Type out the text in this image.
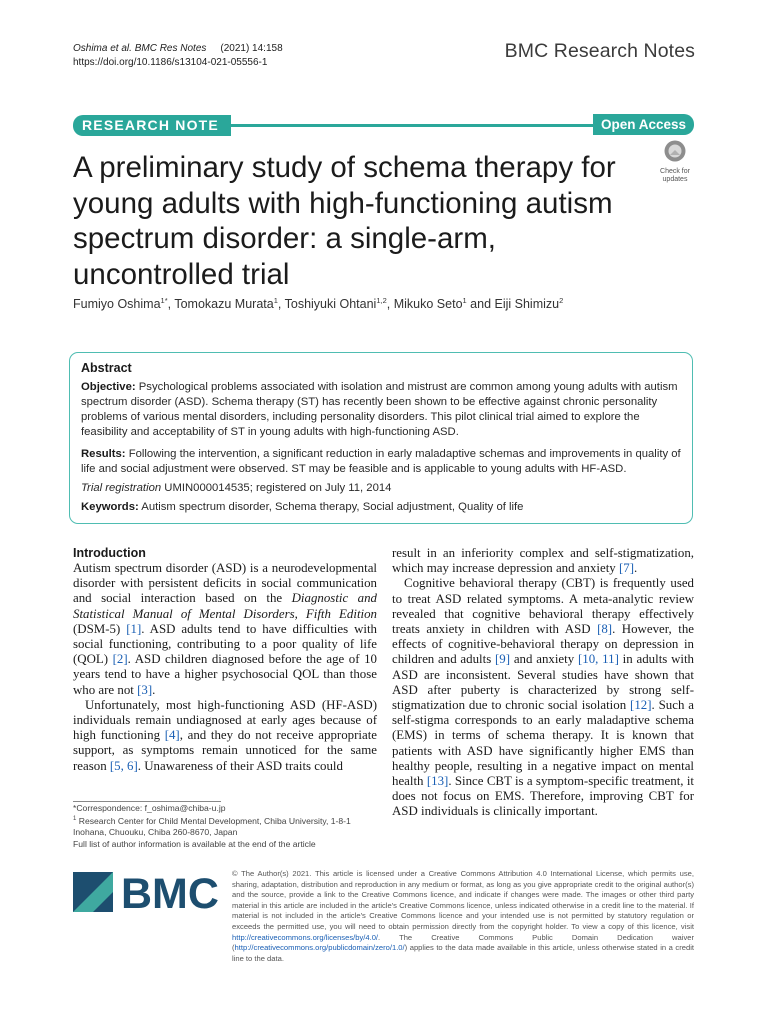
Oshima et al. BMC Res Notes (2021) 14:158
https://doi.org/10.1186/s13104-021-05556-1
BMC Research Notes
RESEARCH NOTE	Open Access
A preliminary study of schema therapy for young adults with high-functioning autism spectrum disorder: a single-arm, uncontrolled trial
Check for updates
Fumiyo Oshima$^{1*}$, Tomokazu Murata$^1$, Toshiyuki Ohtani$^{1,2}$, Mikuko Seto$^1$ and Eiji Shimizu$^2$
Abstract
Objective: Psychological problems associated with isolation and mistrust are common among young adults with autism spectrum disorder (ASD). Schema therapy (ST) has recently been shown to be effective against chronic personality problems of various mental disorders, including personality disorders. This pilot clinical trial aimed to explore the feasibility and acceptability of ST in young adults with high-functioning ASD.
Results: Following the intervention, a significant reduction in early maladaptive schemas and improvements in quality of life and social adjustment were observed. ST may be feasible and is applicable to young adults with HF-ASD.
Trial registration UMIN000014535; registered on July 11, 2014
Keywords: Autism spectrum disorder, Schema therapy, Social adjustment, Quality of life
Introduction

Autism spectrum disorder (ASD) is a neurodevelopmental disorder with persistent deficits in social communication and social interaction based on the Diagnostic and Statistical Manual of Mental Disorders, Fifth Edition (DSM-5) [1]. ASD adults tend to have difficulties with social functioning, contributing to a poor quality of life (QOL) [2]. ASD children diagnosed before the age of 10 years tend to have a higher psychosocial QOL than those who are not [3].

Unfortunately, most high-functioning ASD (HF-ASD) individuals remain undiagnosed at early ages because of high functioning [4], and they do not receive appropriate support, as symptoms remain unnoticed for the same reason [5, 6]. Unawareness of their ASD traits could

result in an inferiority complex and self-stigmatization, which may increase depression and anxiety [7].

Cognitive behavioral therapy (CBT) is frequently used to treat ASD related symptoms. A meta-analytic review revealed that cognitive behavioral therapy effectively treats anxiety in children with ASD [8]. However, the effects of cognitive-behavioral therapy on depression in children and adults [9] and anxiety [10, 11] in adults with ASD are inconsistent. Several studies have shown that ASD after puberty is characterized by strong self-stigmatization due to chronic social isolation [12]. Such a self-stigma corresponds to an early maladaptive schema (EMS) in terms of schema therapy. It is known that patients with ASD have significantly higher EMS than healthy people, resulting in a negative impact on mental health [13]. Since CBT is a symptom-specific treatment, it does not focus on EMS. Therefore, improving CBT for ASD individuals is clinically important.

*Correspondence: f_oshima@chiba-u.jp
$^1$ Research Center for Child Mental Development, Chiba University, 1-8-1 Inohana, Chuouku, Chiba 260-8670, Japan
Full list of author information is available at the end of the article
BMC © The Author(s) 2021. This article is licensed under a Creative Commons Attribution 4.0 International License, which permits use, sharing, adaptation, distribution and reproduction in any medium or format, as long as you give appropriate credit to the original author(s) and the source, provide a link to the Creative Commons licence, and indicate if changes were made. The images or other third party material in this article are included in the article's Creative Commons licence, unless indicated otherwise in a credit line to the material. If material is not included in the article's Creative Commons licence and your intended use is not permitted by statutory regulation or exceeds the permitted use, you will need to obtain permission directly from the copyright holder. To view a copy of this licence, visit http://creativecommons.org/licenses/by/4.0/. The Creative Commons Public Domain Dedication waiver (http://creativecommons.org/publicdomain/zero/1.0/) applies to the data made available in this article, unless otherwise stated in a credit line to the data.
